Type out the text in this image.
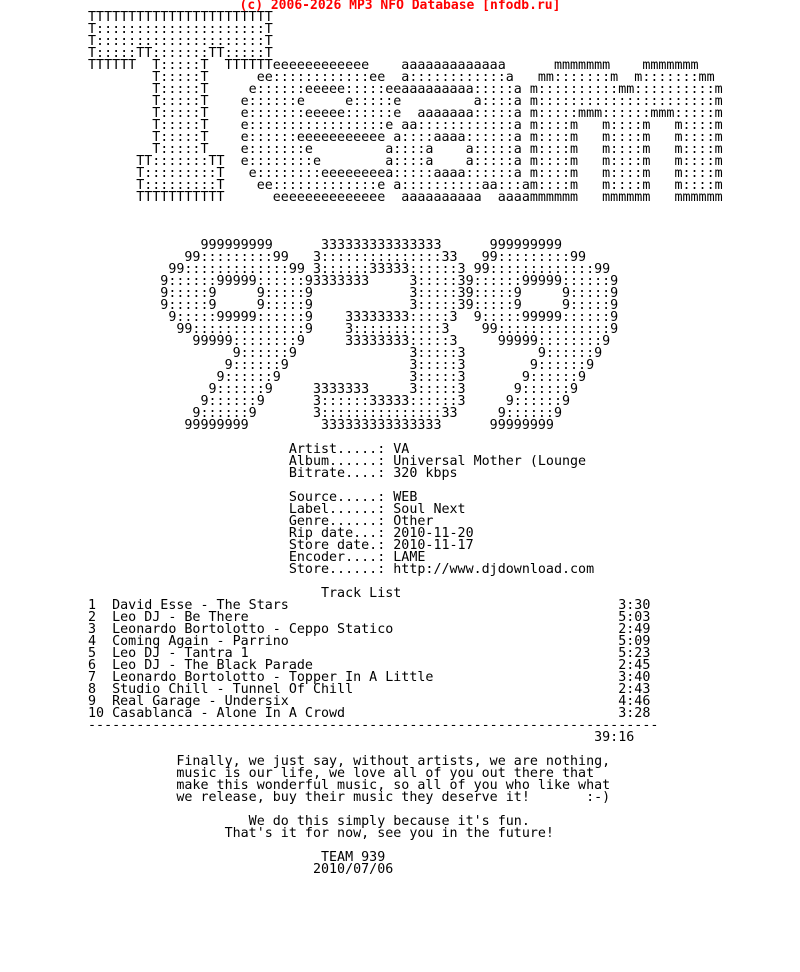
(c) 2006-2026 MP3 NFO Database [nfodb.ru]
TTTTTTTTTTTTTTTTTTTTTTT
T:::::::::::::::::::::T
T:::::::::::::::::::::T
T:::::TT:::::::TT:::::T
TTTTTT  T:::::T  TTTTTTeeeeeeeeeeee    aaaaaaaaaaaaa      mmmmmmm    mmmmmmm
T:::::T      ee::::::::::::ee  a::::::::::::a   mm:::::::m  m:::::::mm
T:::::T     e::::::eeeee:::::eeaaaaaaaaa:::::a m::::::::::mm::::::::::m
T:::::T    e::::::e     e:::::e         a::::a m::::::::::::::::::::::m
T:::::T    e:::::::eeeee::::::e  aaaaaaa:::::a m:::::mmm::::::mmm:::::m
T:::::T    e:::::::::::::::::e aa::::::::::::a m::::m   m::::m   m::::m
T:::::T    e::::::eeeeeeeeeee a::::aaaa::::::a m::::m   m::::m   m::::m
T:::::T    e:::::::e         a::::a    a:::::a m::::m   m::::m   m::::m
TT:::::::TT  e::::::::e        a::::a    a:::::a m::::m   m::::m   m::::m
T:::::::::T   e::::::::eeeeeeeea:::::aaaa::::::a m::::m   m::::m   m::::m
T:::::::::T    ee:::::::::::::e a::::::::::aa:::am::::m   m::::m   m::::m
TTTTTTTTTTT      eeeeeeeeeeeeee  aaaaaaaaaa  aaaammmmmm   mmmmmm   mmmmmm

999999999      333333333333333      999999999
99:::::::::99   3:::::::::::::::33   99:::::::::99
99:::::::::::::99 3::::::33333::::::3 99:::::::::::::99
9::::::99999::::::93333333     3:::::39::::::99999::::::9
9:::::9     9:::::9            3:::::39:::::9     9:::::9
9:::::9     9:::::9            3:::::39:::::9     9:::::9
9:::::99999::::::9    33333333:::::3  9:::::99999::::::9
99::::::::::::::9    3:::::::::::3    99::::::::::::::9
99999::::::::9     33333333:::::3     99999::::::::9
9::::::9              3:::::3         9::::::9
9::::::9               3:::::3        9::::::9
9::::::9                3:::::3       9::::::9
9::::::9     3333333     3:::::3      9::::::9
9::::::9      3::::::33333::::::3     9::::::9
9::::::9       3:::::::::::::::33     9::::::9
99999999         333333333333333      99999999

Artist.....: VA
Album......: Universal Mother (Lounge
Bitrate....: 320 kbps

Source.....: WEB
Label......: Soul Next
Genre......: Other
Rip date...: 2010-11-20
Store date.: 2010-11-17
Encoder....: LAME
Store......: http://www.djdownload.com

Track List
1  David Esse - The Stars                                         3:30
2  Leo DJ - Be There                                              5:03
3  Leonardo Bortolotto - Ceppo Statico                            2:49
4  Coming Again - Parrino                                         5:09
5  Leo DJ - Tantra 1                                              5:23
6  Leo DJ - The Black Parade                                      2:45
7  Leonardo Bortolotto - Topper In A Little                       3:40
8  Studio Chill - Tunnel Of Chill                                 2:43
9  Real Garage - Undersix                                         4:46
10 Casablanca - Alone In A Crowd                                  3:28
-----------------------------------------------------------------------
39:16

Finally, we just say, without artists, we are nothing,
music is our life, we love all of you out there that
make this wonderful music, so all of you who like what
we release, buy their music they deserve it!       :-)

We do this simply because it's fun.
That's it for now, see you in the future!

TEAM 939
2010/07/06
